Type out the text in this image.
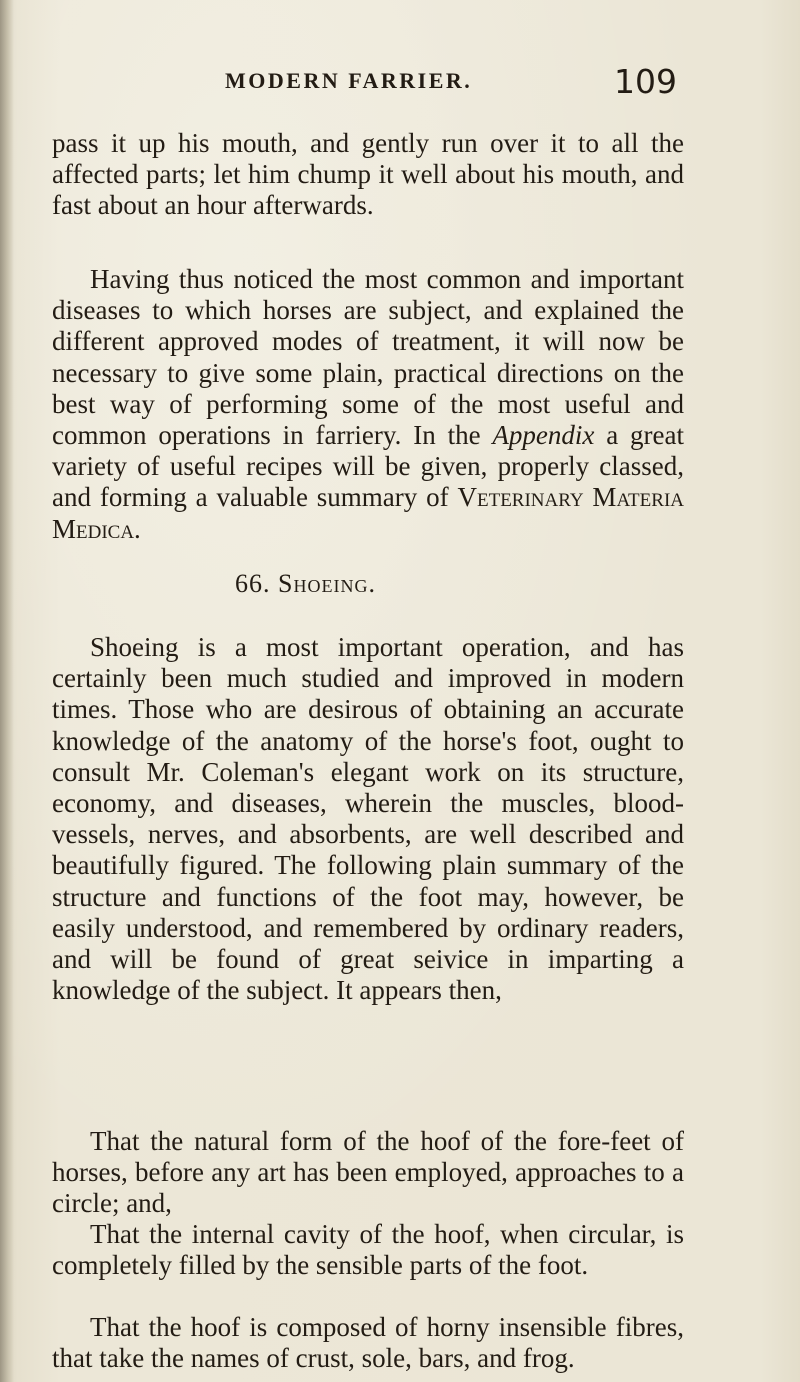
MODERN FARRIER.	109

pass it up his mouth, and gently run over it to all the affected parts; let him chump it well about his mouth, and fast about an hour afterwards.

Having thus noticed the most common and important diseases to which horses are subject, and explained the different approved modes of treatment, it will now be necessary to give some plain, practical directions on the best way of performing some of the most useful and common operations in farriery. In the Appendix a great variety of useful recipes will be given, properly classed, and forming a valuable summary of Veterinary Materia Medica.

66. Shoeing.

Shoeing is a most important operation, and has certainly been much studied and improved in modern times. Those who are desirous of obtaining an accurate knowledge of the anatomy of the horse's foot, ought to consult Mr. Coleman's elegant work on its structure, economy, and diseases, wherein the muscles, blood-vessels, nerves, and absorbents, are well described and beautifully figured. The following plain summary of the structure and functions of the foot may, however, be easily understood, and remembered by ordinary readers, and will be found of great seivice in imparting a knowledge of the subject. It appears then,

That the natural form of the hoof of the fore-feet of horses, before any art has been employed, approaches to a circle; and,

That the internal cavity of the hoof, when circular, is completely filled by the sensible parts of the foot.

That the hoof is composed of horny insensible fibres, that take the names of crust, sole, bars, and frog.
